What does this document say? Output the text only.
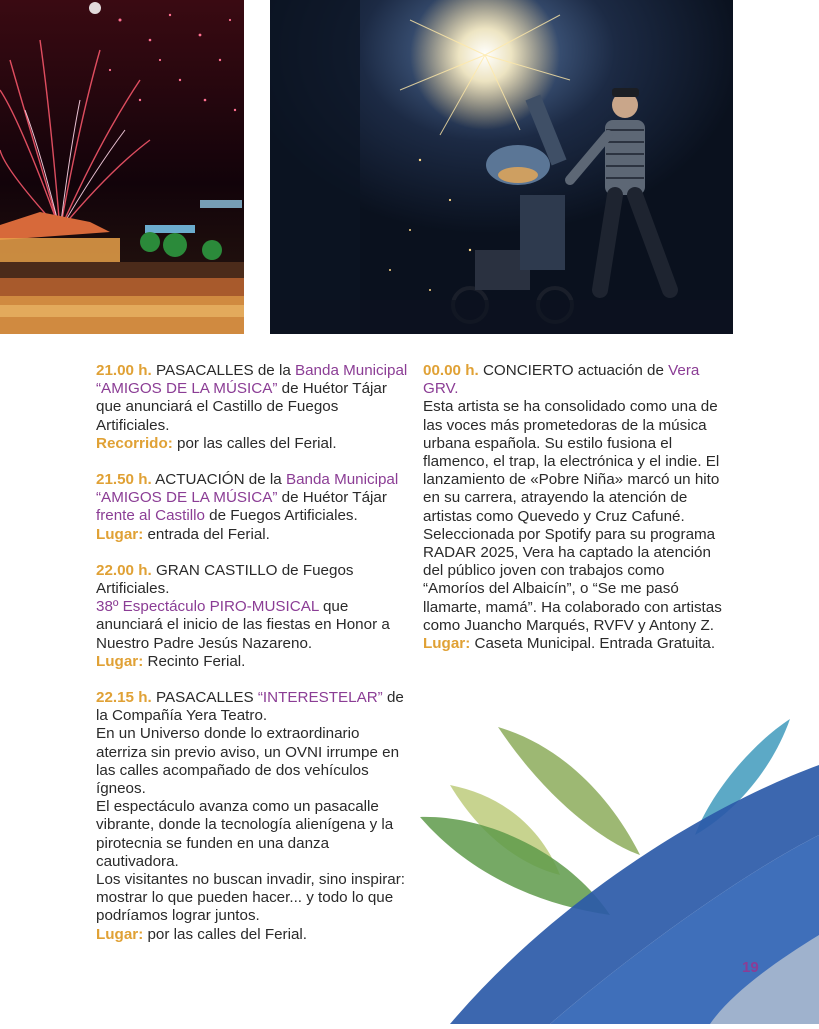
21.00 h. PASACALLES de la Banda Municipal “AMIGOS DE LA MÚSICA” de Huétor Tájar que anunciará el Castillo de Fuegos Artificiales.

Recorrido: por las calles del Ferial.

21.50 h. ACTUACIÓN de la Banda Municipal “AMIGOS DE LA MÚSICA” de Huétor Tájar frente al Castillo de Fuegos Artificiales.

Lugar: entrada del Ferial.

22.00 h. GRAN CASTILLO de Fuegos Artificiales.

38º Espectáculo PIRO-MUSICAL que anunciará el inicio de las fiestas en Honor a Nuestro Padre Jesús Nazareno.

Lugar: Recinto Ferial.

22.15 h. PASACALLES “INTERESTELAR” de la Compañía Yera Teatro.

En un Universo donde lo extraordinario aterriza sin previo aviso, un OVNI irrumpe en las calles acompañado de dos vehículos ígneos.

El espectáculo avanza como un pasacalle vibrante, donde la tecnología alienígena y la pirotecnia se funden en una danza cautivadora.

Los visitantes no buscan invadir, sino inspirar: mostrar lo que pueden hacer... y todo lo que podríamos lograr juntos.

Lugar: por las calles del Ferial.

00.00 h. CONCIERTO actuación de Vera GRV.

Esta artista se ha consolidado como una de las voces más prometedoras de la música urbana española. Su estilo fusiona el flamenco, el trap, la electrónica y el indie. El lanzamiento de «Pobre Niña» marcó un hito en su carrera, atrayendo la atención de artistas como Quevedo y Cruz Cafuné. Seleccionada por Spotify para su programa RADAR 2025, Vera ha captado la atención del público joven con trabajos como “Amoríos del Albaicín”, o “Se me pasó llamarte, mamá”. Ha colaborado con artistas como Juancho Marqués, RVFV y Antony Z.

Lugar: Caseta Municipal. Entrada Gratuita.

19
